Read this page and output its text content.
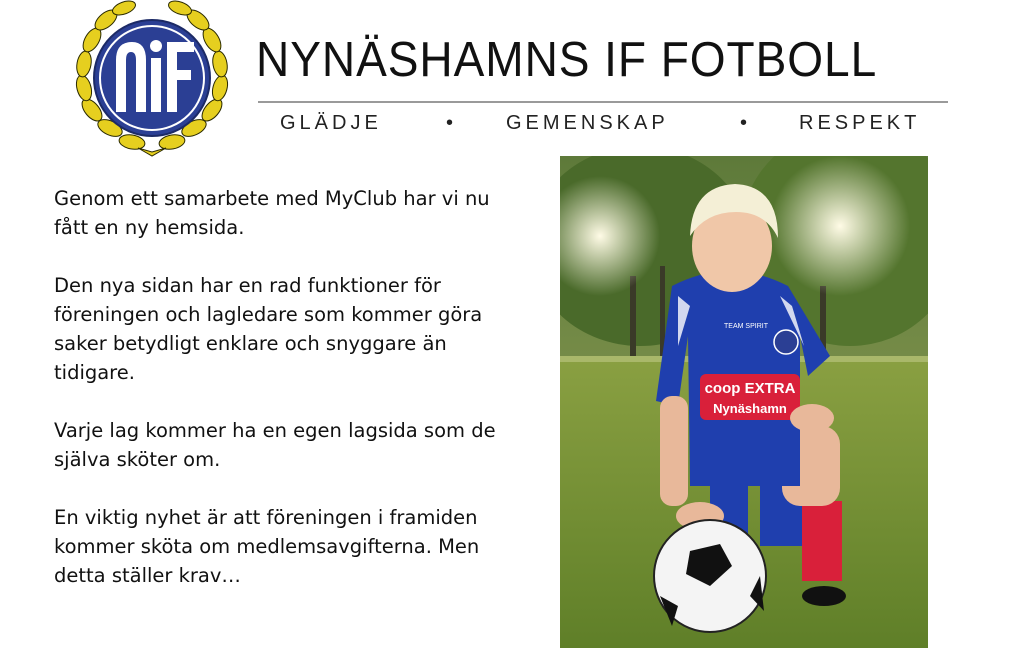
NYNÄSHAMNS IF FOTBOLL
GLÄDJE	• GEMENSKAP	• RESPEKT

Genom ett samarbete med MyClub har vi nu fått en ny hemsida.

Den nya sidan har en rad funktioner för föreningen och lagledare som kommer göra saker betydligt enklare och snyggare än tidigare.

Varje lag kommer ha en egen lagsida som de själva sköter om.

En viktig nyhet är att föreningen i framiden kommer sköta om medlemsavgifterna. Men detta ställer krav…

coop EXTRA
Nynäshamn
TEAM SPIRIT
